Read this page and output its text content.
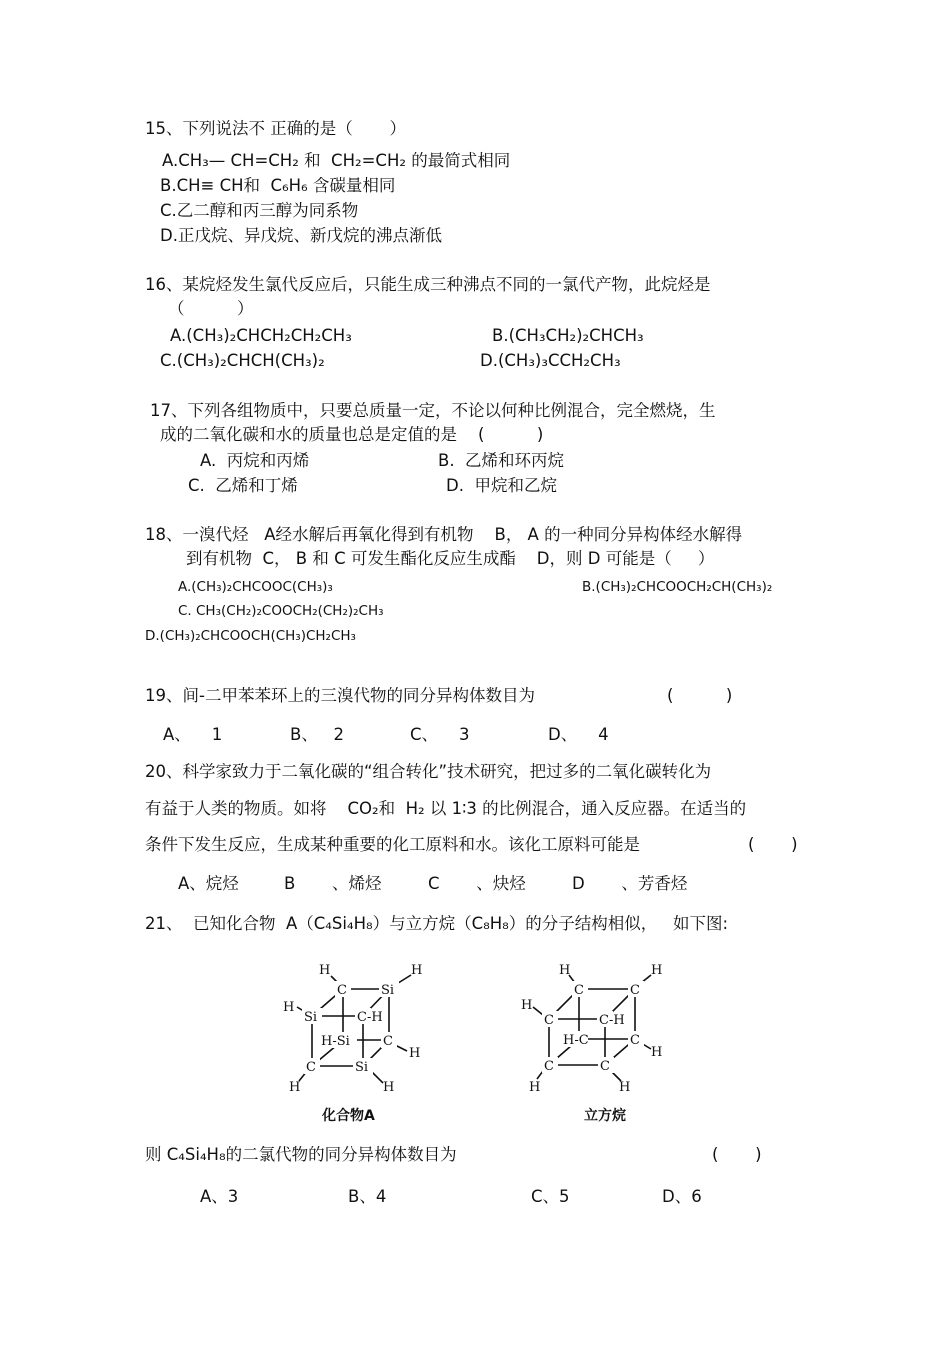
15、下列说法不 正确的是（       ）
A.CH₃— CH=CH₂ 和  CH₂=CH₂ 的最简式相同
B.CH≡ CH和  C₆H₆ 含碳量相同
C.乙二醇和丙三醇为同系物
D.正戊烷、异戊烷、新戊烷的沸点渐低
16、某烷烃发生氯代反应后，只能生成三种沸点不同的一氯代产物，此烷烃是
（          ）
A.(CH₃)₂CHCH₂CH₂CH₃	B.(CH₃CH₂)₂CHCH₃
C.(CH₃)₂CHCH(CH₃)₂	D.(CH₃)₃CCH₂CH₃
17、下列各组物质中，只要总质量一定，不论以何种比例混合，完全燃烧，生
成的二氧化碳和水的质量也总是定值的是    (          )
A.  丙烷和丙烯	B.  乙烯和环丙烷
C.  乙烯和丁烯	D.  甲烷和乙烷
18、一溴代烃   A经水解后再氧化得到有机物    B， A 的一种同分异构体经水解得
到有机物  C， B 和 C 可发生酯化反应生成酯    D，则 D 可能是（     ）
A.(CH₃)₂CHCOOC(CH₃)₃	B.(CH₃)₂CHCOOCH₂CH(CH₃)₂
C. CH₃(CH₂)₂COOCH₂(CH₂)₂CH₃
D.(CH₃)₂CHCOOCH(CH₃)CH₂CH₃
19、间-二甲苯苯环上的三溴代物的同分异构体数目为	(          )
A、    1	B、   2	C、    3	D、    4
20、科学家致力于二氧化碳的“组合转化”技术研究，把过多的二氧化碳转化为
有益于人类的物质。如将    CO₂和  H₂ 以 1∶3 的比例混合，通入反应器。在适当的
条件下发生反应，生成某种重要的化工原料和水。该化工原料可能是	(       )
A、烷烃	B       、烯烃	C       、炔烃	D       、芳香烃
21、  已知化合物  A（C₄Si₄H₈）与立方烷（C₈H₈）的分子结构相似，   如下图:
C	Si
Si	C-H
H-Si	C
C	Si
H	H
H
H
H	H
化合物A
C	C
C	C-H
H-C	C
C	C
H	H
H
H
H	H
立方烷
则 C₄Si₄H₈的二氯代物的同分异构体数目为	(       )
A、3	B、4	C、5	D、6
